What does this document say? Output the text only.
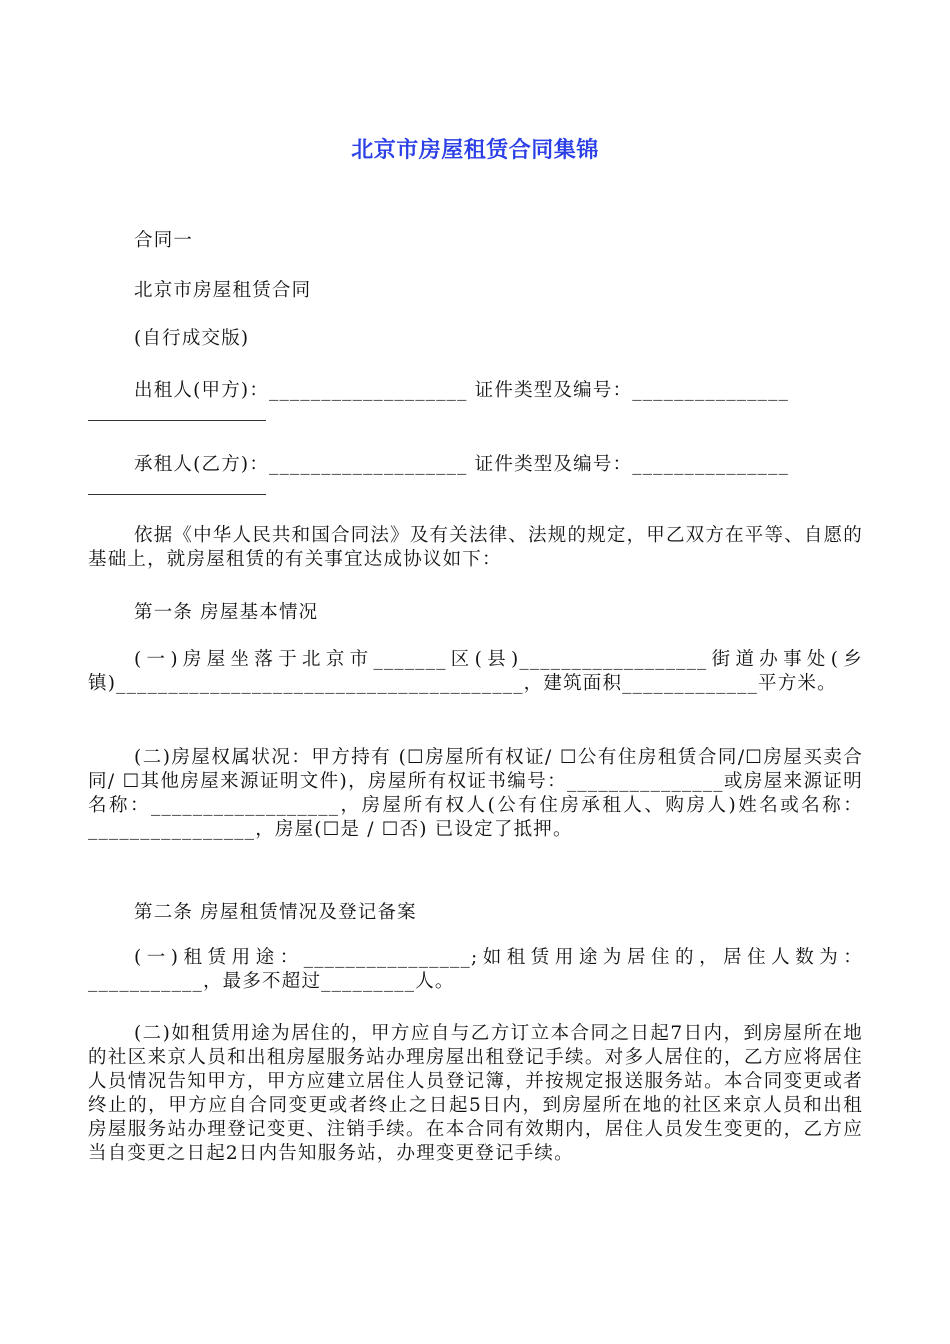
北京市房屋租赁合同集锦
合同一
北京市房屋租赁合同
(自行成交版)
出租人(甲方)：___________________ 证件类型及编号：_______________
承租人(乙方)：___________________ 证件类型及编号：_______________
依据《中华人民共和国合同法》及有关法律、法规的规定，甲乙双方在平等、自愿的基础上，就房屋租赁的有关事宜达成协议如下：
第一条 房屋基本情况
(一)房屋坐落于北京市_______区(县)__________________街道办事处(乡镇)_______________________________________，建筑面积_____________平方米。
(二)房屋权属状况：甲方持有 (☐房屋所有权证/ ☐公有住房租赁合同/☐房屋买卖合同/ ☐其他房屋来源证明文件)，房屋所有权证书编号：_______________或房屋来源证明名称：__________________，房屋所有权人(公有住房承租人、购房人)姓名或名称：________________，房屋(☐是 / ☐否) 已设定了抵押。
第二条 房屋租赁情况及登记备案
(一)租赁用途：________________;如租赁用途为居住的，居住人数为：___________，最多不超过_________人。
(二)如租赁用途为居住的，甲方应自与乙方订立本合同之日起7日内，到房屋所在地的社区来京人员和出租房屋服务站办理房屋出租登记手续。对多人居住的，乙方应将居住人员情况告知甲方，甲方应建立居住人员登记簿，并按规定报送服务站。本合同变更或者终止的，甲方应自合同变更或者终止之日起5日内，到房屋所在地的社区来京人员和出租房屋服务站办理登记变更、注销手续。在本合同有效期内，居住人员发生变更的，乙方应当自变更之日起2日内告知服务站，办理变更登记手续。
